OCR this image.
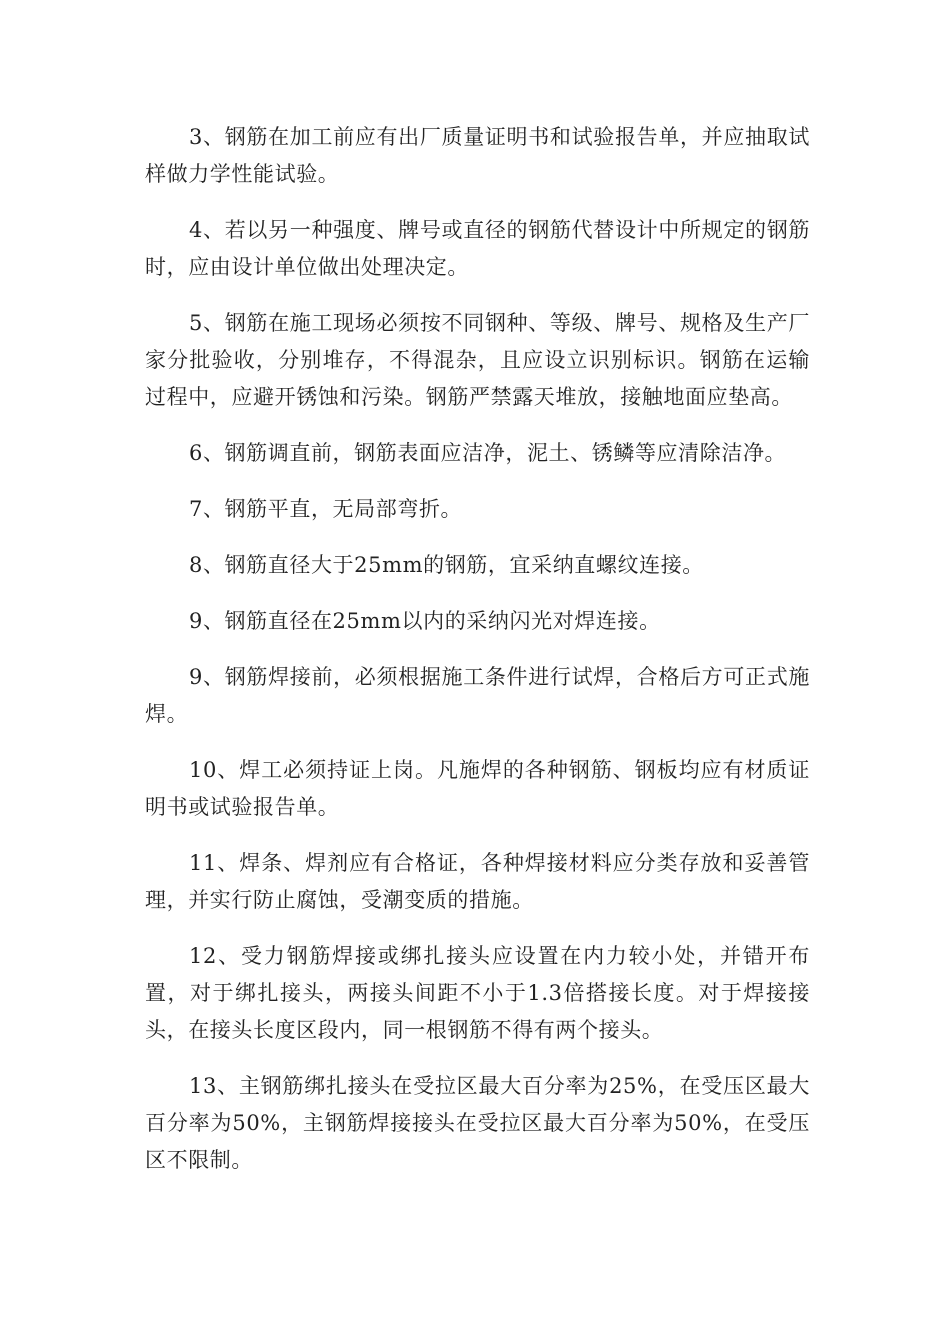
3、钢筋在加工前应有出厂质量证明书和试验报告单，并应抽取试样做力学性能试验。

4、若以另一种强度、牌号或直径的钢筋代替设计中所规定的钢筋时，应由设计单位做出处理决定。

5、钢筋在施工现场必须按不同钢种、等级、牌号、规格及生产厂家分批验收，分别堆存，不得混杂，且应设立识别标识。钢筋在运输过程中，应避开锈蚀和污染。钢筋严禁露天堆放，接触地面应垫高。

6、钢筋调直前，钢筋表面应洁净，泥土、锈鳞等应清除洁净。

7、钢筋平直，无局部弯折。

8、钢筋直径大于25mm的钢筋，宜采纳直螺纹连接。

9、钢筋直径在25mm以内的采纳闪光对焊连接。

9、钢筋焊接前，必须根据施工条件进行试焊，合格后方可正式施焊。

10、焊工必须持证上岗。凡施焊的各种钢筋、钢板均应有材质证明书或试验报告单。

11、焊条、焊剂应有合格证，各种焊接材料应分类存放和妥善管理，并实行防止腐蚀，受潮变质的措施。

12、受力钢筋焊接或绑扎接头应设置在内力较小处，并错开布置，对于绑扎接头，两接头间距不小于1.3倍搭接长度。对于焊接接头，在接头长度区段内，同一根钢筋不得有两个接头。

13、主钢筋绑扎接头在受拉区最大百分率为25%，在受压区最大百分率为50%，主钢筋焊接接头在受拉区最大百分率为50%，在受压区不限制。
